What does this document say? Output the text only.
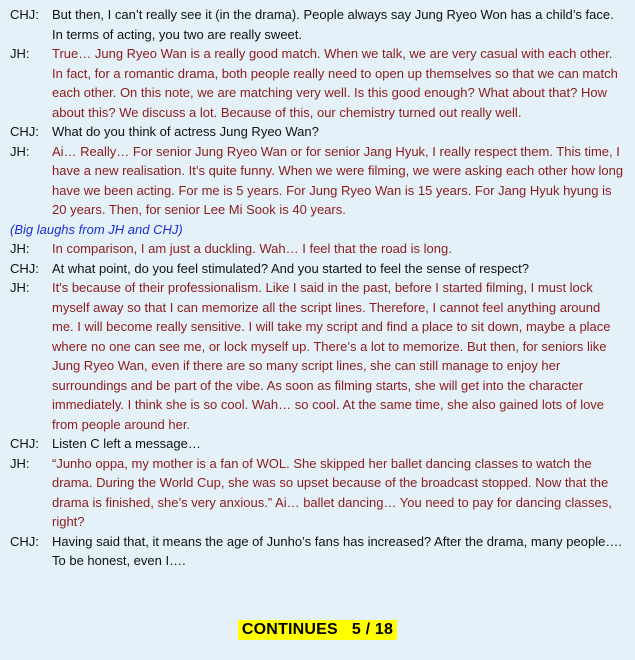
CHJ:	But then, I can’t really see it (in the drama). People always say Jung Ryeo Won has a child’s face. In terms of acting, you two are really sweet.
JH:	True… Jung Ryeo Wan is a really good match. When we talk, we are very casual with each other. In fact, for a romantic drama, both people really need to open up themselves so that we can match each other. On this note, we are matching very well. Is this good enough? What about that? How about this? We discuss a lot. Because of this, our chemistry turned out really well.
CHJ:	What do you think of actress Jung Ryeo Wan?
JH:	Ai… Really… For senior Jung Ryeo Wan or for senior Jang Hyuk, I really respect them. This time, I have a new realisation. It’s quite funny. When we were filming, we were asking each other how long have we been acting. For me is 5 years. For Jung Ryeo Wan is 15 years. For Jang Hyuk hyung is 20 years. Then, for senior Lee Mi Sook is 40 years.
(Big laughs from JH and CHJ)
JH:	In comparison, I am just a duckling. Wah… I feel that the road is long.
CHJ:	At what point, do you feel stimulated? And you started to feel the sense of respect?
JH:	It's because of their professionalism. Like I said in the past, before I started filming, I must lock myself away so that I can memorize all the script lines. Therefore, I cannot feel anything around me. I will become really sensitive. I will take my script and find a place to sit down, maybe a place where no one can see me, or lock myself up. There’s a lot to memorize. But then, for seniors like Jung Ryeo Wan, even if there are so many script lines, she can still manage to enjoy her surroundings and be part of the vibe. As soon as filming starts, she will get into the character immediately. I think she is so cool. Wah… so cool. At the same time, she also gained lots of love from people around her.
CHJ:	Listen C left a message…
JH:	“Junho oppa, my mother is a fan of WOL. She skipped her ballet dancing classes to watch the drama. During the World Cup, she was so upset because of the broadcast stopped. Now that the drama is finished, she’s very anxious.” Ai… ballet dancing… You need to pay for dancing classes, right?
CHJ:	Having said that, it means the age of Junho’s fans has increased? After the drama, many people…. To be honest, even I….
CONTINUES 5 / 18
